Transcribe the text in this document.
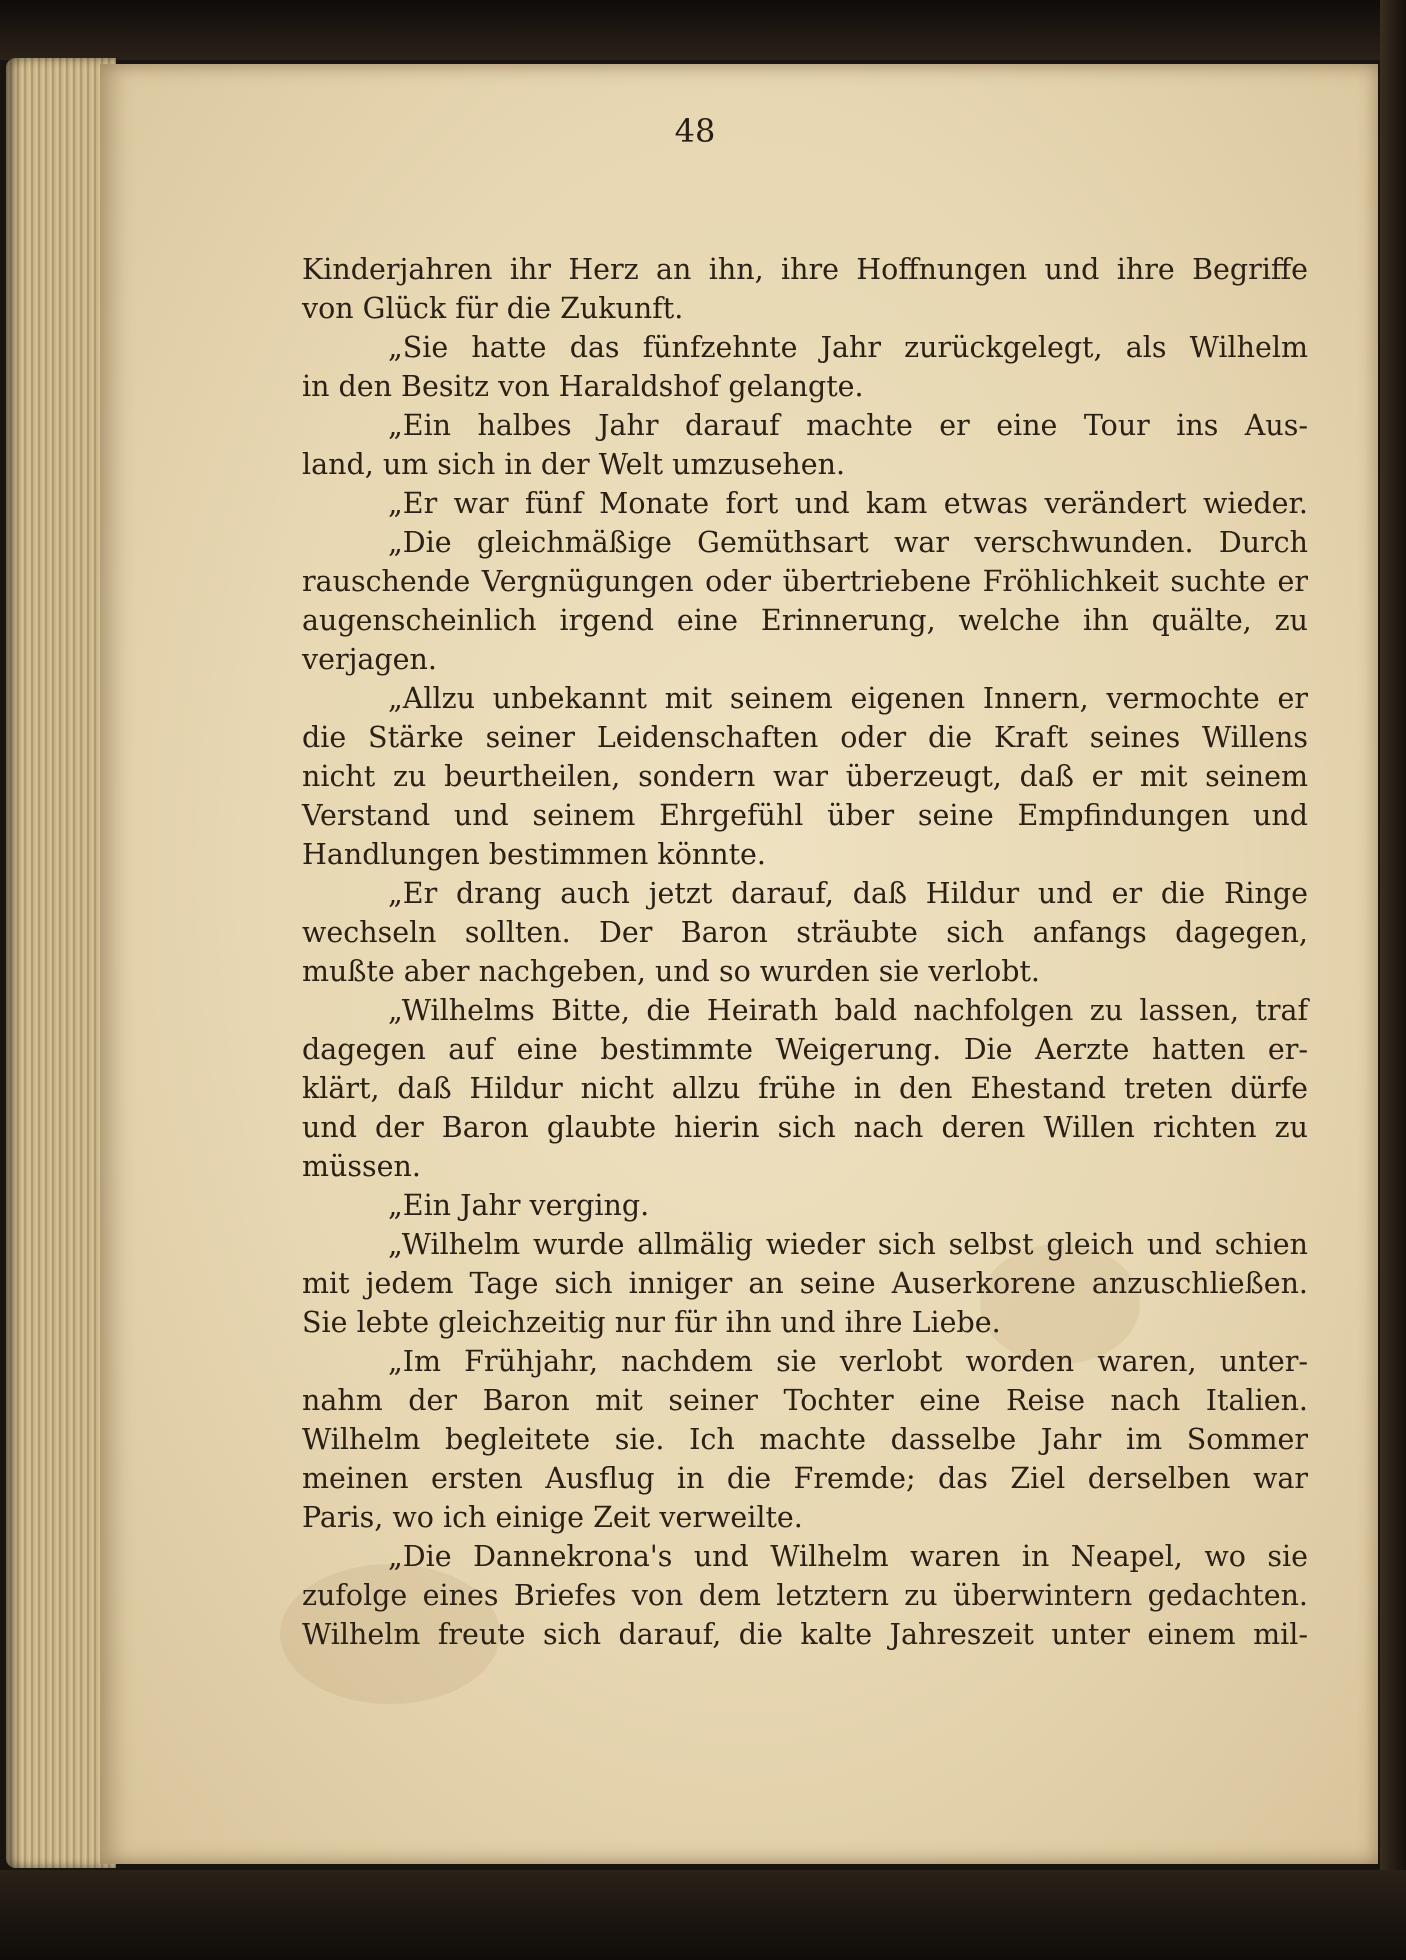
48
Kinderjahren ihr Herz an ihn, ihre Hoffnungen und ihre Begriffe
von Glück für die Zukunft.
„Sie hatte das fünfzehnte Jahr zurückgelegt, als Wilhelm
in den Besitz von Haraldshof gelangte.
„Ein halbes Jahr darauf machte er eine Tour ins Aus-
land, um sich in der Welt umzusehen.
„Er war fünf Monate fort und kam etwas verändert wieder.
„Die gleichmäßige Gemüthsart war verschwunden. Durch
rauschende Vergnügungen oder übertriebene Fröhlichkeit suchte er
augenscheinlich irgend eine Erinnerung, welche ihn quälte, zu
verjagen.
„Allzu unbekannt mit seinem eigenen Innern, vermochte er
die Stärke seiner Leidenschaften oder die Kraft seines Willens
nicht zu beurtheilen, sondern war überzeugt, daß er mit seinem
Verstand und seinem Ehrgefühl über seine Empfindungen und
Handlungen bestimmen könnte.
„Er drang auch jetzt darauf, daß Hildur und er die Ringe
wechseln sollten. Der Baron sträubte sich anfangs dagegen,
mußte aber nachgeben, und so wurden sie verlobt.
„Wilhelms Bitte, die Heirath bald nachfolgen zu lassen, traf
dagegen auf eine bestimmte Weigerung. Die Aerzte hatten er-
klärt, daß Hildur nicht allzu frühe in den Ehestand treten dürfe
und der Baron glaubte hierin sich nach deren Willen richten zu
müssen.
„Ein Jahr verging.
„Wilhelm wurde allmälig wieder sich selbst gleich und schien
mit jedem Tage sich inniger an seine Auserkorene anzuschließen.
Sie lebte gleichzeitig nur für ihn und ihre Liebe.
„Im Frühjahr, nachdem sie verlobt worden waren, unter-
nahm der Baron mit seiner Tochter eine Reise nach Italien.
Wilhelm begleitete sie. Ich machte dasselbe Jahr im Sommer
meinen ersten Ausflug in die Fremde; das Ziel derselben war
Paris, wo ich einige Zeit verweilte.
„Die Dannekrona's und Wilhelm waren in Neapel, wo sie
zufolge eines Briefes von dem letztern zu überwintern gedachten.
Wilhelm freute sich darauf, die kalte Jahreszeit unter einem mil-
